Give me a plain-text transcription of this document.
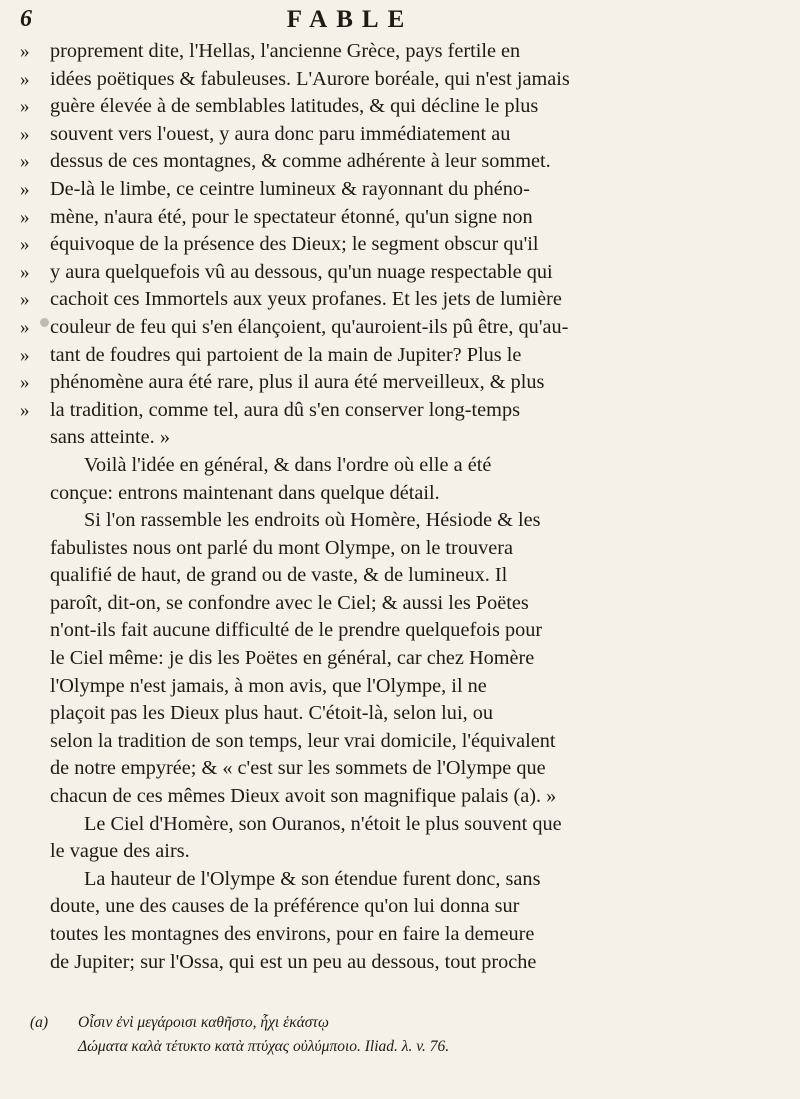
6	FABLE
» proprement dite, l'Hellas, l'ancienne Grèce, pays fertile en
» idées poëtiques & fabuleuses. L'Aurore boréale, qui n'est jamais
» guère élevée à de semblables latitudes, & qui décline le plus
» souvent vers l'ouest, y aura donc paru immédiatement au
» dessus de ces montagnes, & comme adhérente à leur sommet.
» De-là le limbe, ce ceintre lumineux & rayonnant du phéno-
» mène, n'aura été, pour le spectateur étonné, qu'un signe non
» équivoque de la présence des Dieux; le segment obscur qu'il
» y aura quelquefois vû au dessous, qu'un nuage respectable qui
» cachoit ces Immortels aux yeux profanes. Et les jets de lumière
» couleur de feu qui s'en élançoient, qu'auroient-ils pû être, qu'au-
» tant de foudres qui partoient de la main de Jupiter? Plus le
» phénomène aura été rare, plus il aura été merveilleux, & plus
» la tradition, comme tel, aura dû s'en conserver long-temps
sans atteinte. »
Voilà l'idée en général, & dans l'ordre où elle a été
conçue: entrons maintenant dans quelque détail.
Si l'on rassemble les endroits où Homère, Hésiode & les
fabulistes nous ont parlé du mont Olympe, on le trouvera
qualifié de haut, de grand ou de vaste, & de lumineux. Il
paroît, dit-on, se confondre avec le Ciel; & aussi les Poëtes
n'ont-ils fait aucune difficulté de le prendre quelquefois pour
le Ciel même: je dis les Poëtes en général, car chez Homère
l'Olympe n'est jamais, à mon avis, que l'Olympe, il ne
plaçoit pas les Dieux plus haut. C'étoit-là, selon lui, ou
selon la tradition de son temps, leur vrai domicile, l'équivalent
de notre empyrée; & « c'est sur les sommets de l'Olympe que
chacun de ces mêmes Dieux avoit son magnifique palais (a). »
Le Ciel d'Homère, son Ouranos, n'étoit le plus souvent que
le vague des airs.
La hauteur de l'Olympe & son étendue furent donc, sans
doute, une des causes de la préférence qu'on lui donna sur
toutes les montagnes des environs, pour en faire la demeure
de Jupiter; sur l'Ossa, qui est un peu au dessous, tout proche
(a) Οἶσιν ἐνὶ μεγάροισι καθῆστο, ἧχι ἑκάστῳ
Δώματα καλὰ τέτυκτο κατὰ πτύχας οὐλύμποιο. Iliad. λ. v. 76.
